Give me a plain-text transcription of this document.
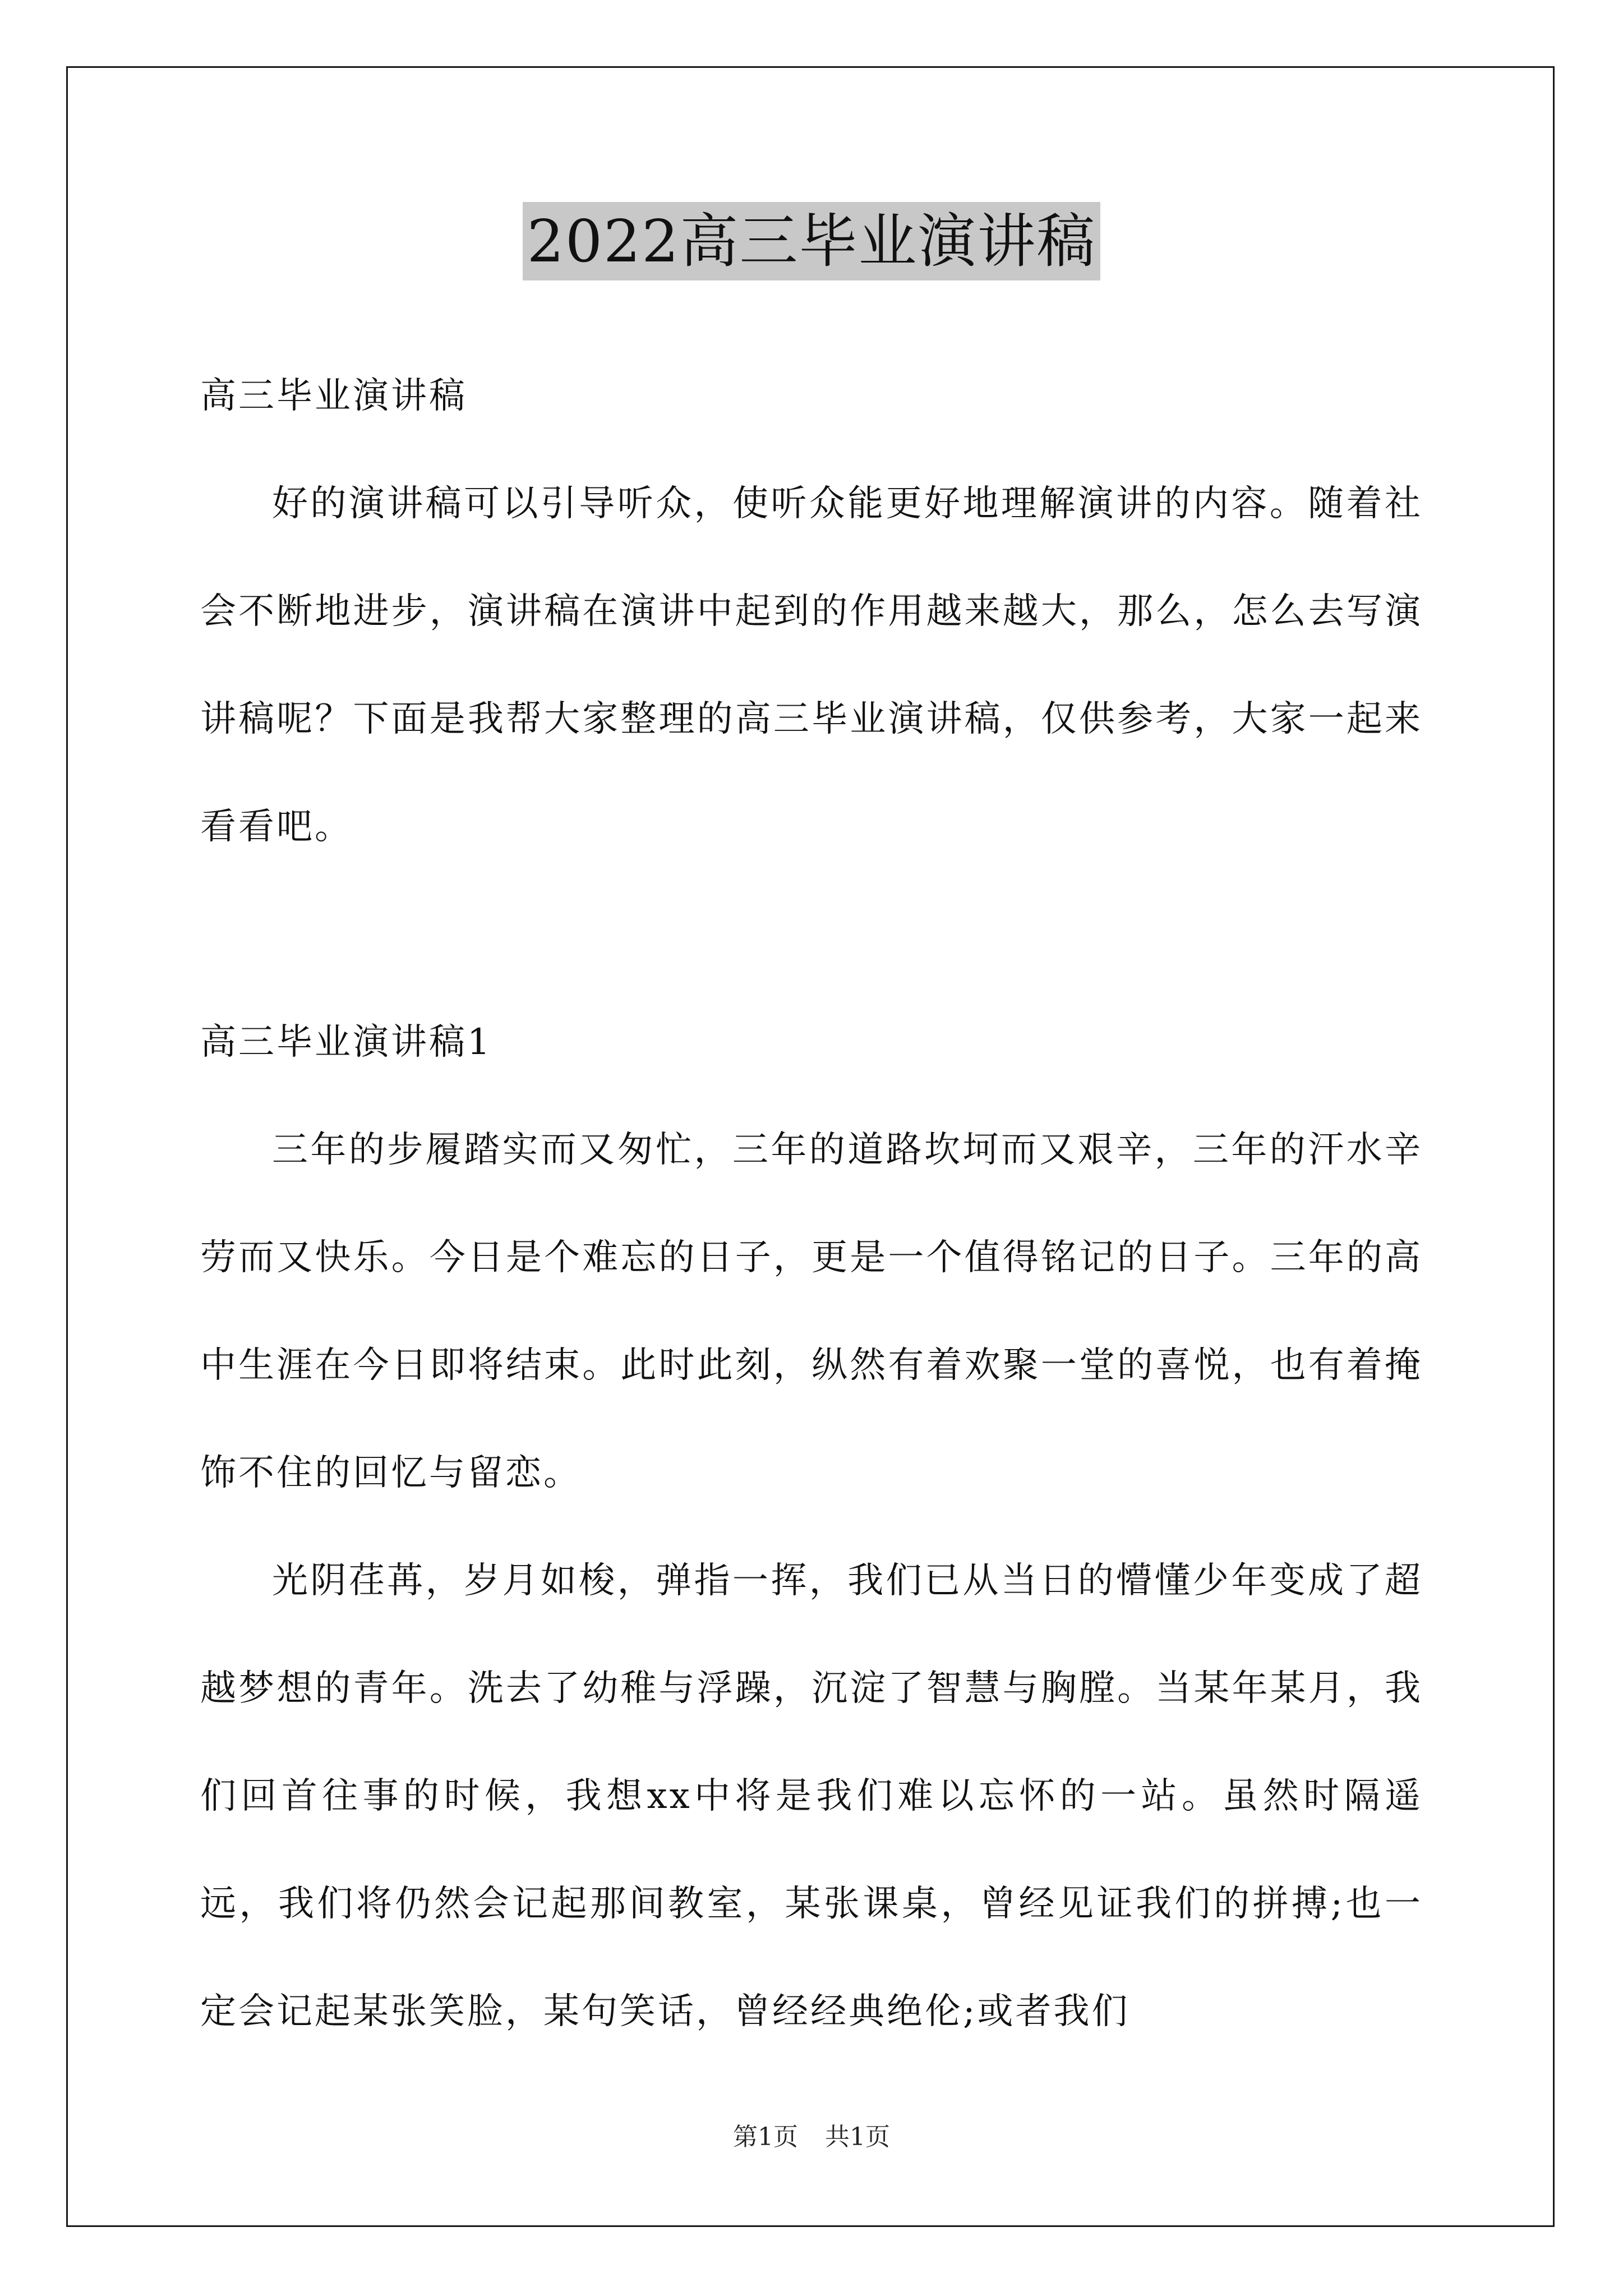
2022高三毕业演讲稿

高三毕业演讲稿

好的演讲稿可以引导听众，使听众能更好地理解演讲的内容。随着社会不断地进步，演讲稿在演讲中起到的作用越来越大，那么，怎么去写演讲稿呢？下面是我帮大家整理的高三毕业演讲稿，仅供参考，大家一起来看看吧。

高三毕业演讲稿1

三年的步履踏实而又匆忙，三年的道路坎坷而又艰辛，三年的汗水辛劳而又快乐。今日是个难忘的日子，更是一个值得铭记的日子。三年的高中生涯在今日即将结束。此时此刻，纵然有着欢聚一堂的喜悦，也有着掩饰不住的回忆与留恋。

光阴荏苒，岁月如梭，弹指一挥，我们已从当日的懵懂少年变成了超越梦想的青年。洗去了幼稚与浮躁，沉淀了智慧与胸膛。当某年某月，我们回首往事的时候，我想xx中将是我们难以忘怀的一站。虽然时隔遥远，我们将仍然会记起那间教室，某张课桌，曾经见证我们的拼搏;也一定会记起某张笑脸，某句笑话，曾经经典绝伦;或者我们

第1页 共1页
